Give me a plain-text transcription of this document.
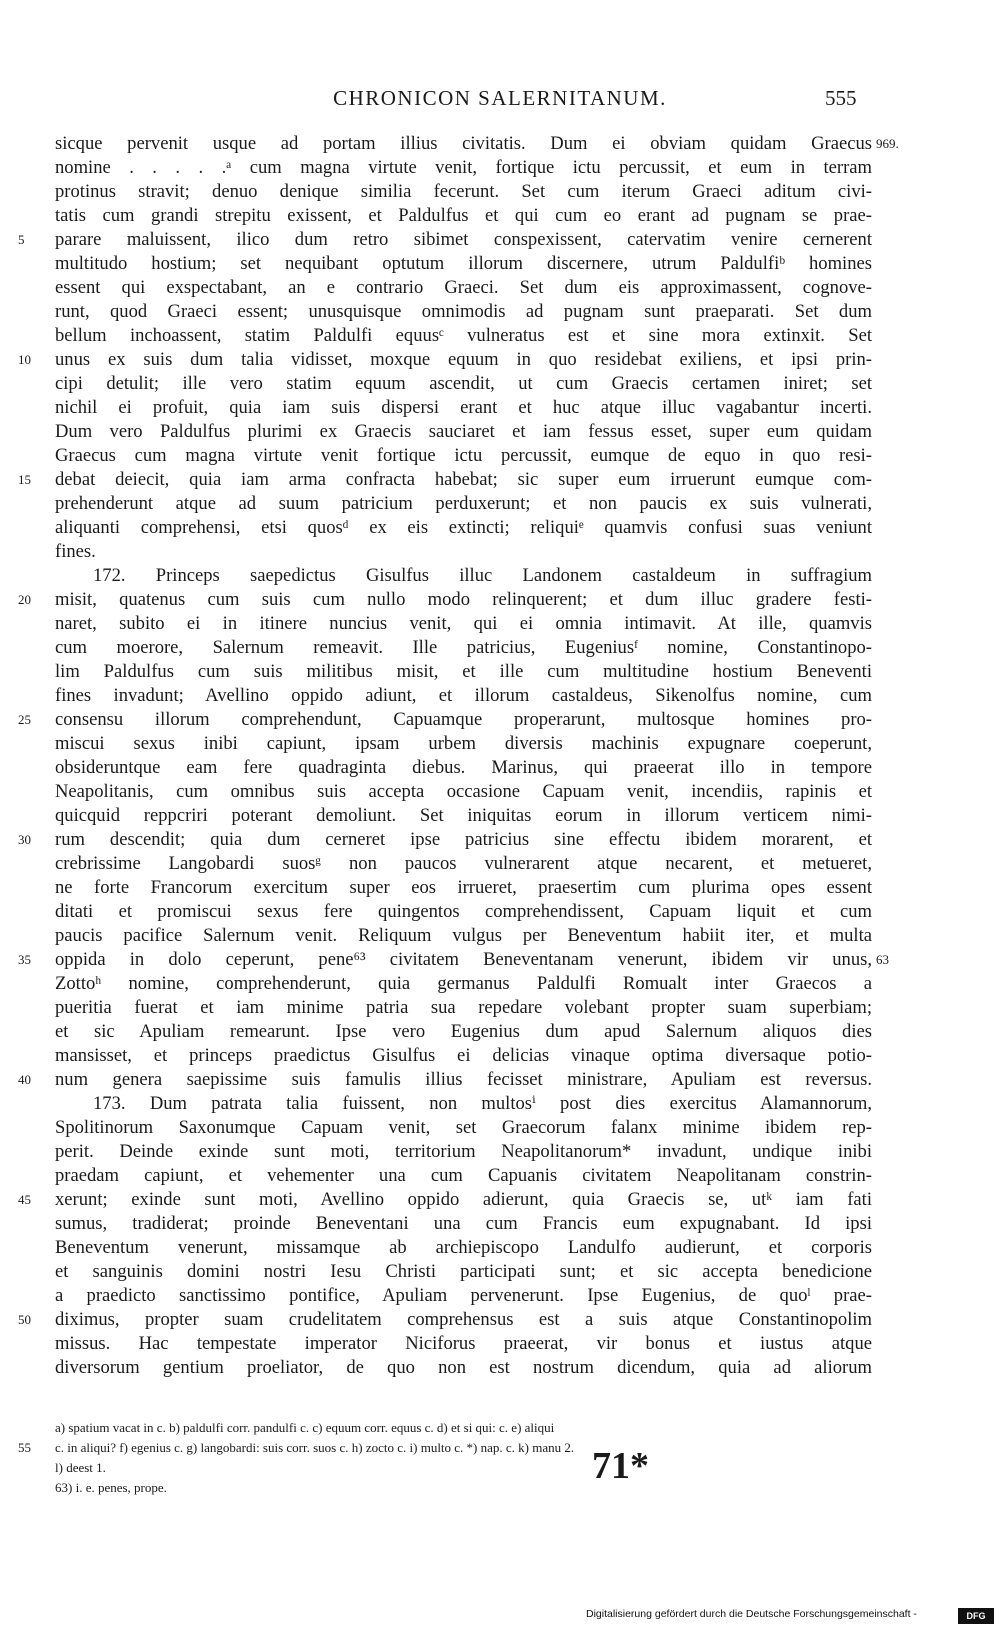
CHRONICON SALERNITANUM.	555
sicque pervenit usque ad portam illius civitatis. Dum ei obviam quidam Graecus 969.
nomine . . . . .ᵃ cum magna virtute venit, fortique ictu percussit, et eum in terram
protinus stravit; denuo denique similia fecerunt. Set cum iterum Graeci aditum civi-
tatis cum grandi strepitu exissent, et Paldulfus et qui cum eo erant ad pugnam se prae-
5	parare maluissent, ilico dum retro sibimet conspexissent, catervatim venire cernerent
multitudo hostium; set nequibant optutum illorum discernere, utrum Paldulfiᵇ homines
essent qui exspectabant, an e contrario Graeci. Set dum eis approximassent, cognove-
runt, quod Graeci essent; unusquisque omnimodis ad pugnam sunt praeparati. Set dum
bellum inchoassent, statim Paldulfi equusᶜ vulneratus est et sine mora extinxit. Set
10	unus ex suis dum talia vidisset, moxque equum in quo residebat exiliens, et ipsi prin-
cipi detulit; ille vero statim equum ascendit, ut cum Graecis certamen iniret; set
nichil ei profuit, quia iam suis dispersi erant et huc atque illuc vagabantur incerti.
Dum vero Paldulfus plurimi ex Graecis sauciaret et iam fessus esset, super eum quidam
Graecus cum magna virtute venit fortique ictu percussit, eumque de equo in quo resi-
15	debat deiecit, quia iam arma confracta habebat; sic super eum irruerunt eumque com-
prehenderunt atque ad suum patricium perduxerunt; et non paucis ex suis vulnerati,
aliquanti comprehensi, etsi quosᵈ ex eis extincti; reliquiᵉ quamvis confusi suas veniunt
fines.
172. Princeps saepedictus Gisulfus illuc Landonem castaldeum in suffragium
20	misit, quatenus cum suis cum nullo modo relinquerent; et dum illuc gradere festi-
naret, subito ei in itinere nuncius venit, qui ei omnia intimavit. At ille, quamvis
cum moerore, Salernum remeavit. Ille patricius, Eugeniusᶠ nomine, Constantinopo-
lim Paldulfus cum suis militibus misit, et ille cum multitudine hostium Beneventi
fines invadunt; Avellino oppido adiunt, et illorum castaldeus, Sikenolfus nomine, cum
25	consensu illorum comprehendunt, Capuamque properarunt, multosque homines pro-
miscui sexus inibi capiunt, ipsam urbem diversis machinis expugnare coeperunt,
obsideruntque eam fere quadraginta diebus. Marinus, qui praeerat illo in tempore
Neapolitanis, cum omnibus suis accepta occasione Capuam venit, incendiis, rapinis et
quicquid reppcriri poterant demoliunt. Set iniquitas eorum in illorum verticem nimi-
30	rum descendit; quia dum cerneret ipse patricius sine effectu ibidem morarent, et
crebrissime Langobardi suosᵍ non paucos vulnerarent atque necarent, et metueret,
ne forte Francorum exercitum super eos irrueret, praesertim cum plurima opes essent
ditati et promiscui sexus fere quingentos comprehendissent, Capuam liquit et cum
paucis pacifice Salernum venit. Reliquum vulgus per Beneventum habiit iter, et multa
35	oppida in dolo ceperunt, pene⁶³ civitatem Beneventanam venerunt, ibidem vir unus, 63
Zottoʰ nomine, comprehenderunt, quia germanus Paldulfi Romualt inter Graecos a
pueritia fuerat et iam minime patria sua repedare volebant propter suam superbiam;
et sic Apuliam remearunt. Ipse vero Eugenius dum apud Salernum aliquos dies
mansisset, et princeps praedictus Gisulfus ei delicias vinaque optima diversaque potio-
40	num genera saepissime suis famulis illius fecisset ministrare, Apuliam est reversus.
173. Dum patrata talia fuissent, non multosⁱ post dies exercitus Alamannorum,
Spolitinorum Saxonumque Capuam venit, set Graecorum falanx minime ibidem rep-
perit. Deinde exinde sunt moti, territorium Neapolitanorum* invadunt, undique inibi
praedam capiunt, et vehementer una cum Capuanis civitatem Neapolitanam constrin-
45	xerunt; exinde sunt moti, Avellino oppido adierunt, quia Graecis se, utᵏ iam fati
sumus, tradiderat; proinde Beneventani una cum Francis eum expugnabant. Id ipsi
Beneventum venerunt, missamque ab archiepiscopo Landulfo audierunt, et corporis
et sanguinis domini nostri Iesu Christi participati sunt; et sic accepta benedicione
a praedicto sanctissimo pontifice, Apuliam pervenerunt. Ipse Eugenius, de quoˡ prae-
50	diximus, propter suam crudelitatem comprehensus est a suis atque Constantinopolim
missus. Hac tempestate imperator Niciforus praeerat, vir bonus et iustus atque
diversorum gentium proeliator, de quo non est nostrum dicendum, quia ad aliorum
a) spatium vacat in c. b) paldulfi corr. pandulfi c. c) equum corr. equus c. d) et si qui: c. e) aliqui
55 c. in aliqui? f) egenius c. g) langobardi: suis corr. suos c. h) zocto c. i) multo c. *) nap. c. k) manu 2.
l) deest 1.
63) i. e. penes, prope.
71*
Digitalisierung gefördert durch die Deutsche Forschungsgemeinschaft -	DFG
